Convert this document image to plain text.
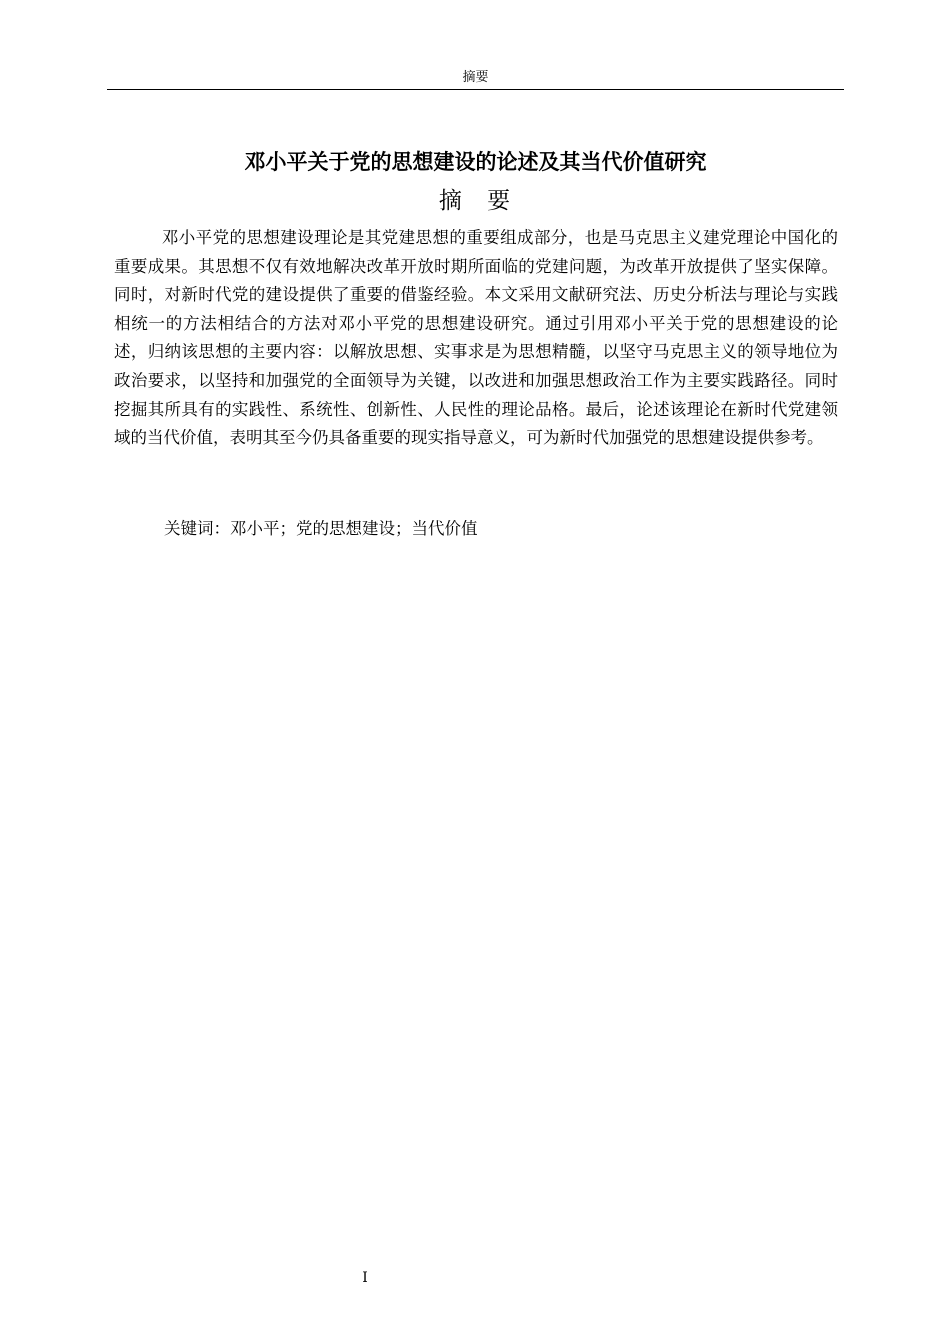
摘要
邓小平关于党的思想建设的论述及其当代价值研究
摘 要

邓小平党的思想建设理论是其党建思想的重要组成部分，也是马克思主义建党理论中国化的重要成果。其思想不仅有效地解决改革开放时期所面临的党建问题，为改革开放提供了坚实保障。同时，对新时代党的建设提供了重要的借鉴经验。本文采用文献研究法、历史分析法与理论与实践相统一的方法相结合的方法对邓小平党的思想建设研究。通过引用邓小平关于党的思想建设的论述，归纳该思想的主要内容：以解放思想、实事求是为思想精髓，以坚守马克思主义的领导地位为政治要求，以坚持和加强党的全面领导为关键，以改进和加强思想政治工作为主要实践路径。同时挖掘其所具有的实践性、系统性、创新性、人民性的理论品格。最后，论述该理论在新时代党建领域的当代价值，表明其至今仍具备重要的现实指导意义，可为新时代加强党的思想建设提供参考。

关键词：邓小平；党的思想建设；当代价值

I
